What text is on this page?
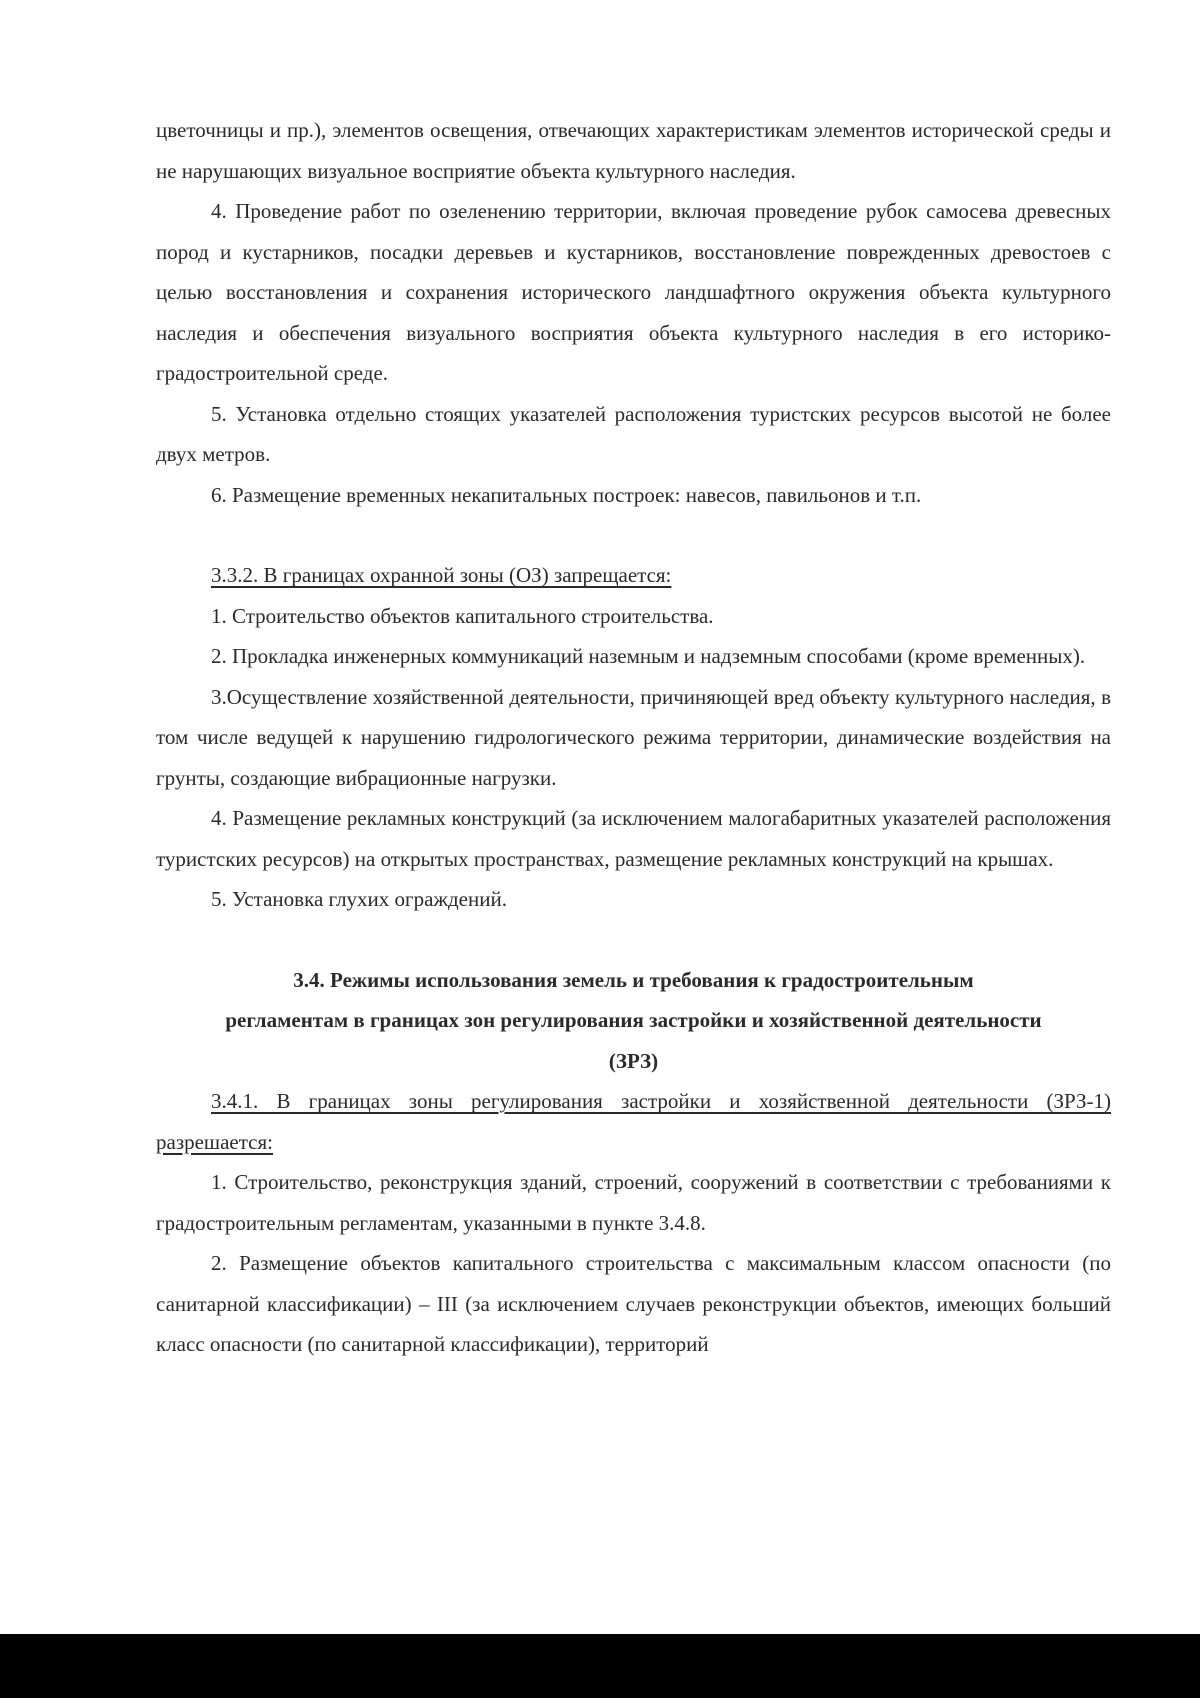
цветочницы и пр.), элементов освещения, отвечающих характеристикам элементов исторической среды и не нарушающих визуальное восприятие объекта культурного наследия.

4. Проведение работ по озеленению территории, включая проведение рубок самосева древесных пород и кустарников, посадки деревьев и кустарников, восстановление поврежденных древостоев с целью восстановления и сохранения исторического ландшафтного окружения объекта культурного наследия и обеспечения визуального восприятия объекта культурного наследия в его историко-градостроительной среде.

5. Установка отдельно стоящих указателей расположения туристских ресурсов высотой не более двух метров.

6. Размещение временных некапитальных построек: навесов, павильонов и т.п.

3.3.2. В границах охранной зоны (ОЗ) запрещается:

1. Строительство объектов капитального строительства.

2. Прокладка инженерных коммуникаций наземным и надземным способами (кроме временных).

3.Осуществление хозяйственной деятельности, причиняющей вред объекту культурного наследия, в том числе ведущей к нарушению гидрологического режима территории, динамические воздействия на грунты, создающие вибрационные нагрузки.

4. Размещение рекламных конструкций (за исключением малогабаритных указателей расположения туристских ресурсов) на открытых пространствах, размещение рекламных конструкций на крышах.

5. Установка глухих ограждений.

3.4. Режимы использования земель и требования к градостроительным

регламентам в границах зон регулирования застройки и хозяйственной деятельности

(ЗРЗ)

3.4.1. В границах зоны регулирования застройки и хозяйственной деятельности (ЗРЗ-1) разрешается:

1. Строительство, реконструкция зданий, строений, сооружений в соответствии с требованиями к градостроительным регламентам, указанными в пункте 3.4.8.

2. Размещение объектов капитального строительства с максимальным классом опасности (по санитарной классификации) – III (за исключением случаев реконструкции объектов, имеющих больший класс опасности (по санитарной классификации), территорий
